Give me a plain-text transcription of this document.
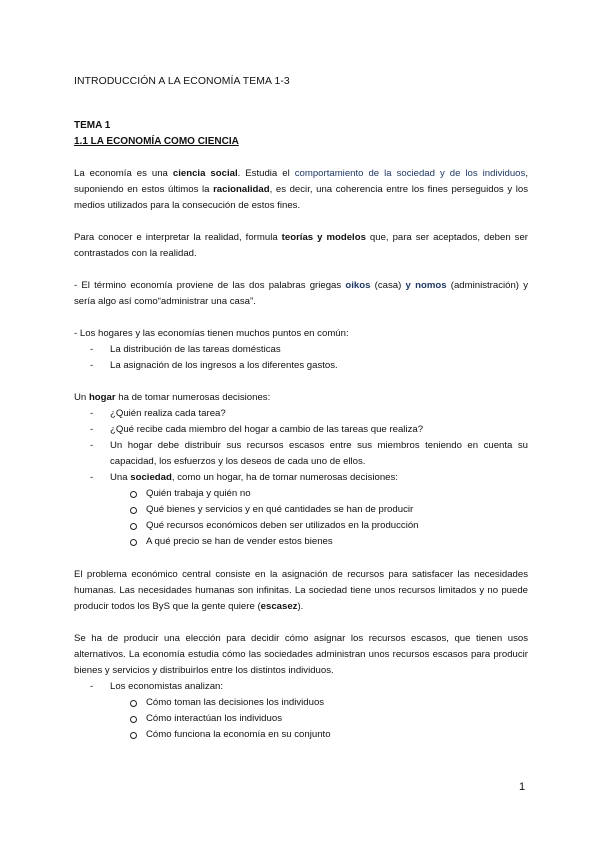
INTRODUCCIÓN A LA ECONOMÍA TEMA 1-3
TEMA 1
1.1 LA ECONOMÍA COMO CIENCIA

La economía es una ciencia social. Estudia el comportamiento de la sociedad y de los individuos, suponiendo en estos últimos la racionalidad, es decir, una coherencia entre los fines perseguidos y los medios utilizados para la consecución de estos fines.

Para conocer e interpretar la realidad, formula teorías y modelos que, para ser aceptados, deben ser contrastados con la realidad.

- El término economía proviene de las dos palabras griegas oikos (casa) y nomos (administración) y sería algo así como“administrar una casa”.

- Los hogares y las economías tienen muchos puntos en común:

- La distribución de las tareas domésticas
- La asignación de los ingresos a los diferentes gastos.

Un hogar ha de tomar numerosas decisiones:

- ¿Quién realiza cada tarea?
- ¿Qué recibe cada miembro del hogar a cambio de las tareas que realiza?
- Un hogar debe distribuir sus recursos escasos entre sus miembros teniendo en cuenta su capacidad, los esfuerzos y los deseos de cada uno de ellos.
- Una sociedad, como un hogar, ha de tomar numerosas decisiones:
Quién trabaja y quién no
Qué bienes y servicios y en qué cantidades se han de producir
Qué recursos económicos deben ser utilizados en la producción
A qué precio se han de vender estos bienes

El problema económico central consiste en la asignación de recursos para satisfacer las necesidades humanas. Las necesidades humanas son infinitas. La sociedad tiene unos recursos limitados y no puede producir todos los ByS que la gente quiere (escasez).

Se ha de producir una elección para decidir cómo asignar los recursos escasos, que tienen usos alternativos. La economía estudia cómo las sociedades administran unos recursos escasos para producir bienes y servicios y distribuirlos entre los distintos individuos.

- Los economistas analizan:
Cómo toman las decisiones los individuos
Cómo interactúan los individuos
Cómo funciona la economía en su conjunto
1
